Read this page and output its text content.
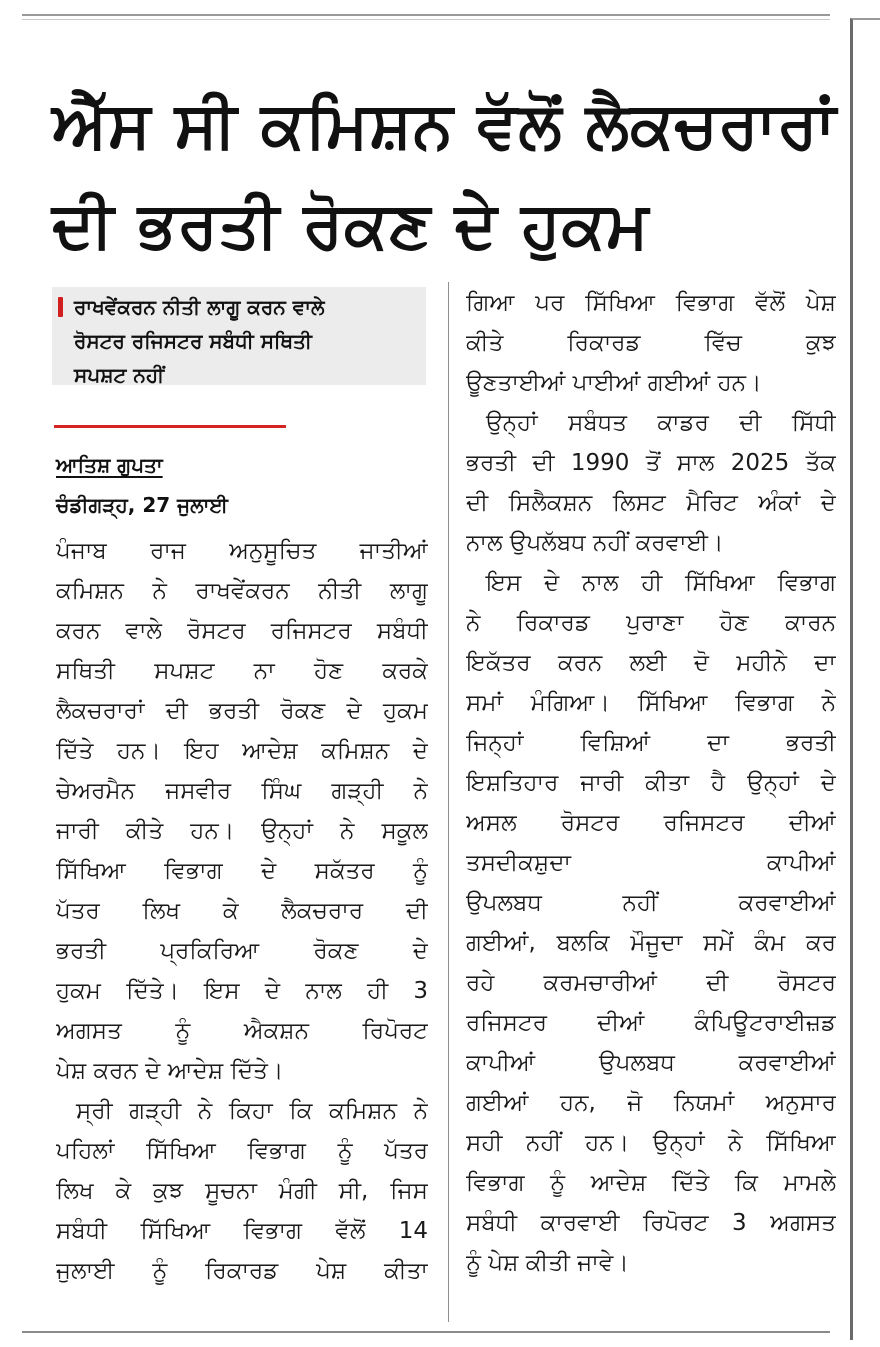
ਐੱਸ ਸੀ ਕਮਿਸ਼ਨ ਵੱਲੋਂ ਲੈਕਚਰਾਰਾਂ
ਦੀ ਭਰਤੀ ਰੋਕਣ ਦੇ ਹੁਕਮ

ਰਾਖਵੇਂਕਰਨ ਨੀਤੀ ਲਾਗੂ ਕਰਨ ਵਾਲੇ
ਰੋਸਟਰ ਰਜਿਸਟਰ ਸਬੰਧੀ ਸਥਿਤੀ
ਸਪਸ਼ਟ ਨਹੀਂ

ਆਤਿਸ਼ ਗੁਪਤਾ
ਚੰਡੀਗੜ੍ਹ, 27 ਜੁਲਾਈ
ਪੰਜਾਬ ਰਾਜ ਅਨੁਸੂਚਿਤ ਜਾਤੀਆਂ
ਕਮਿਸ਼ਨ ਨੇ ਰਾਖਵੇਂਕਰਨ ਨੀਤੀ ਲਾਗੂ
ਕਰਨ ਵਾਲੇ ਰੋਸਟਰ ਰਜਿਸਟਰ ਸਬੰਧੀ
ਸਥਿਤੀ ਸਪਸ਼ਟ ਨਾ ਹੋਣ ਕਰਕੇ
ਲੈਕਚਰਾਰਾਂ ਦੀ ਭਰਤੀ ਰੋਕਣ ਦੇ ਹੁਕਮ
ਦਿੱਤੇ ਹਨ। ਇਹ ਆਦੇਸ਼ ਕਮਿਸ਼ਨ ਦੇ
ਚੇਅਰਮੈਨ ਜਸਵੀਰ ਸਿੰਘ ਗੜ੍ਹੀ ਨੇ
ਜਾਰੀ ਕੀਤੇ ਹਨ। ਉਨ੍ਹਾਂ ਨੇ ਸਕੂਲ
ਸਿੱਖਿਆ ਵਿਭਾਗ ਦੇ ਸਕੱਤਰ ਨੂੰ
ਪੱਤਰ ਲਿਖ ਕੇ ਲੈਕਚਰਾਰ ਦੀ
ਭਰਤੀ ਪ੍ਰਕਿਰਿਆ ਰੋਕਣ ਦੇ
ਹੁਕਮ ਦਿੱਤੇ। ਇਸ ਦੇ ਨਾਲ ਹੀ 3
ਅਗਸਤ ਨੂੰ ਐਕਸ਼ਨ ਰਿਪੋਰਟ
ਪੇਸ਼ ਕਰਨ ਦੇ ਆਦੇਸ਼ ਦਿੱਤੇ।
ਸ੍ਰੀ ਗੜ੍ਹੀ ਨੇ ਕਿਹਾ ਕਿ ਕਮਿਸ਼ਨ ਨੇ
ਪਹਿਲਾਂ ਸਿੱਖਿਆ ਵਿਭਾਗ ਨੂੰ ਪੱਤਰ
ਲਿਖ ਕੇ ਕੁਝ ਸੂਚਨਾ ਮੰਗੀ ਸੀ, ਜਿਸ
ਸਬੰਧੀ ਸਿੱਖਿਆ ਵਿਭਾਗ ਵੱਲੋਂ 14
ਜੁਲਾਈ ਨੂੰ ਰਿਕਾਰਡ ਪੇਸ਼ ਕੀਤਾ
ਗਿਆ ਪਰ ਸਿੱਖਿਆ ਵਿਭਾਗ ਵੱਲੋਂ ਪੇਸ਼
ਕੀਤੇ ਰਿਕਾਰਡ ਵਿੱਚ ਕੁਝ
ਊਣਤਾਈਆਂ ਪਾਈਆਂ ਗਈਆਂ ਹਨ।
ਉਨ੍ਹਾਂ ਸਬੰਧਤ ਕਾਡਰ ਦੀ ਸਿੱਧੀ
ਭਰਤੀ ਦੀ 1990 ਤੋਂ ਸਾਲ 2025 ਤੱਕ
ਦੀ ਸਿਲੈਕਸ਼ਨ ਲਿਸਟ ਮੈਰਿਟ ਅੰਕਾਂ ਦੇ
ਨਾਲ ਉਪਲੱਬਧ ਨਹੀਂ ਕਰਵਾਈ।
ਇਸ ਦੇ ਨਾਲ ਹੀ ਸਿੱਖਿਆ ਵਿਭਾਗ
ਨੇ ਰਿਕਾਰਡ ਪੁਰਾਣਾ ਹੋਣ ਕਾਰਨ
ਇਕੱਤਰ ਕਰਨ ਲਈ ਦੋ ਮਹੀਨੇ ਦਾ
ਸਮਾਂ ਮੰਗਿਆ। ਸਿੱਖਿਆ ਵਿਭਾਗ ਨੇ
ਜਿਨ੍ਹਾਂ ਵਿਸ਼ਿਆਂ ਦਾ ਭਰਤੀ
ਇਸ਼ਤਿਹਾਰ ਜਾਰੀ ਕੀਤਾ ਹੈ ਉਨ੍ਹਾਂ ਦੇ
ਅਸਲ ਰੋਸਟਰ ਰਜਿਸਟਰ ਦੀਆਂ
ਤਸਦੀਕਸ਼ੁਦਾ ਕਾਪੀਆਂ
ਉਪਲਬਧ ਨਹੀਂ ਕਰਵਾਈਆਂ
ਗਈਆਂ, ਬਲਕਿ ਮੌਜੂਦਾ ਸਮੇਂ ਕੰਮ ਕਰ
ਰਹੇ ਕਰਮਚਾਰੀਆਂ ਦੀ ਰੋਸਟਰ
ਰਜਿਸਟਰ ਦੀਆਂ ਕੰਪਿਊਟਰਾਈਜ਼ਡ
ਕਾਪੀਆਂ ਉਪਲਬਧ ਕਰਵਾਈਆਂ
ਗਈਆਂ ਹਨ, ਜੋ ਨਿਯਮਾਂ ਅਨੁਸਾਰ
ਸਹੀ ਨਹੀਂ ਹਨ। ਉਨ੍ਹਾਂ ਨੇ ਸਿੱਖਿਆ
ਵਿਭਾਗ ਨੂੰ ਆਦੇਸ਼ ਦਿੱਤੇ ਕਿ ਮਾਮਲੇ
ਸਬੰਧੀ ਕਾਰਵਾਈ ਰਿਪੋਰਟ 3 ਅਗਸਤ
ਨੂੰ ਪੇਸ਼ ਕੀਤੀ ਜਾਵੇ।
